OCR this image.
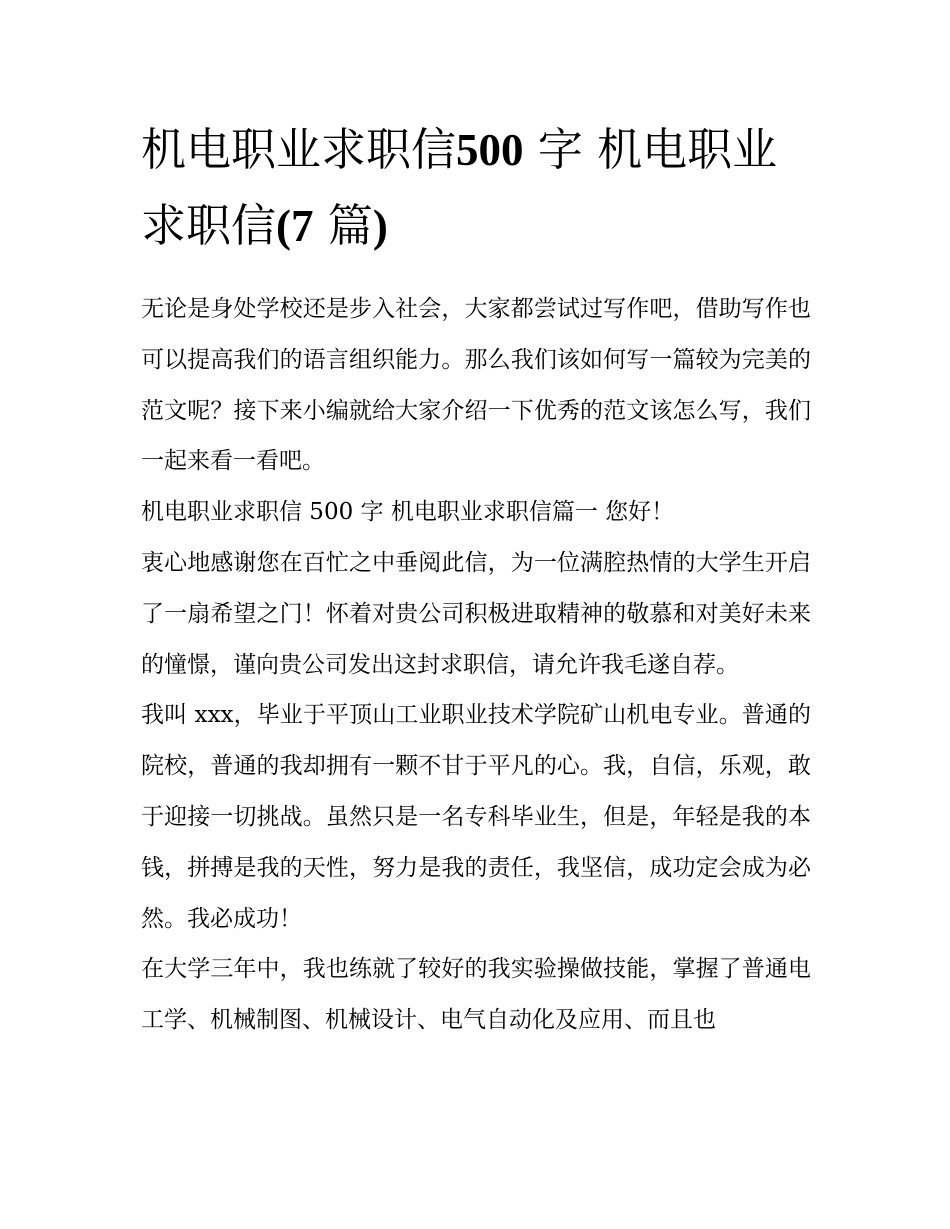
机电职业求职信500 字 机电职业求职信(7 篇)

无论是身处学校还是步入社会，大家都尝试过写作吧，借助写作也可以提高我们的语言组织能力。那么我们该如何写一篇较为完美的范文呢？接下来小编就给大家介绍一下优秀的范文该怎么写，我们一起来看一看吧。

机电职业求职信 500 字 机电职业求职信篇一 您好！

衷心地感谢您在百忙之中垂阅此信，为一位满腔热情的大学生开启了一扇希望之门！怀着对贵公司积极进取精神的敬慕和对美好未来的憧憬，谨向贵公司发出这封求职信，请允许我毛遂自荐。

我叫 xxx，毕业于平顶山工业职业技术学院矿山机电专业。普通的院校，普通的我却拥有一颗不甘于平凡的心。我，自信，乐观，敢于迎接一切挑战。虽然只是一名专科毕业生，但是，年轻是我的本钱，拼搏是我的天性，努力是我的责任，我坚信，成功定会成为必然。我必成功！

在大学三年中，我也练就了较好的我实验操做技能，掌握了普通电工学、机械制图、机械设计、电气自动化及应用、而且也
